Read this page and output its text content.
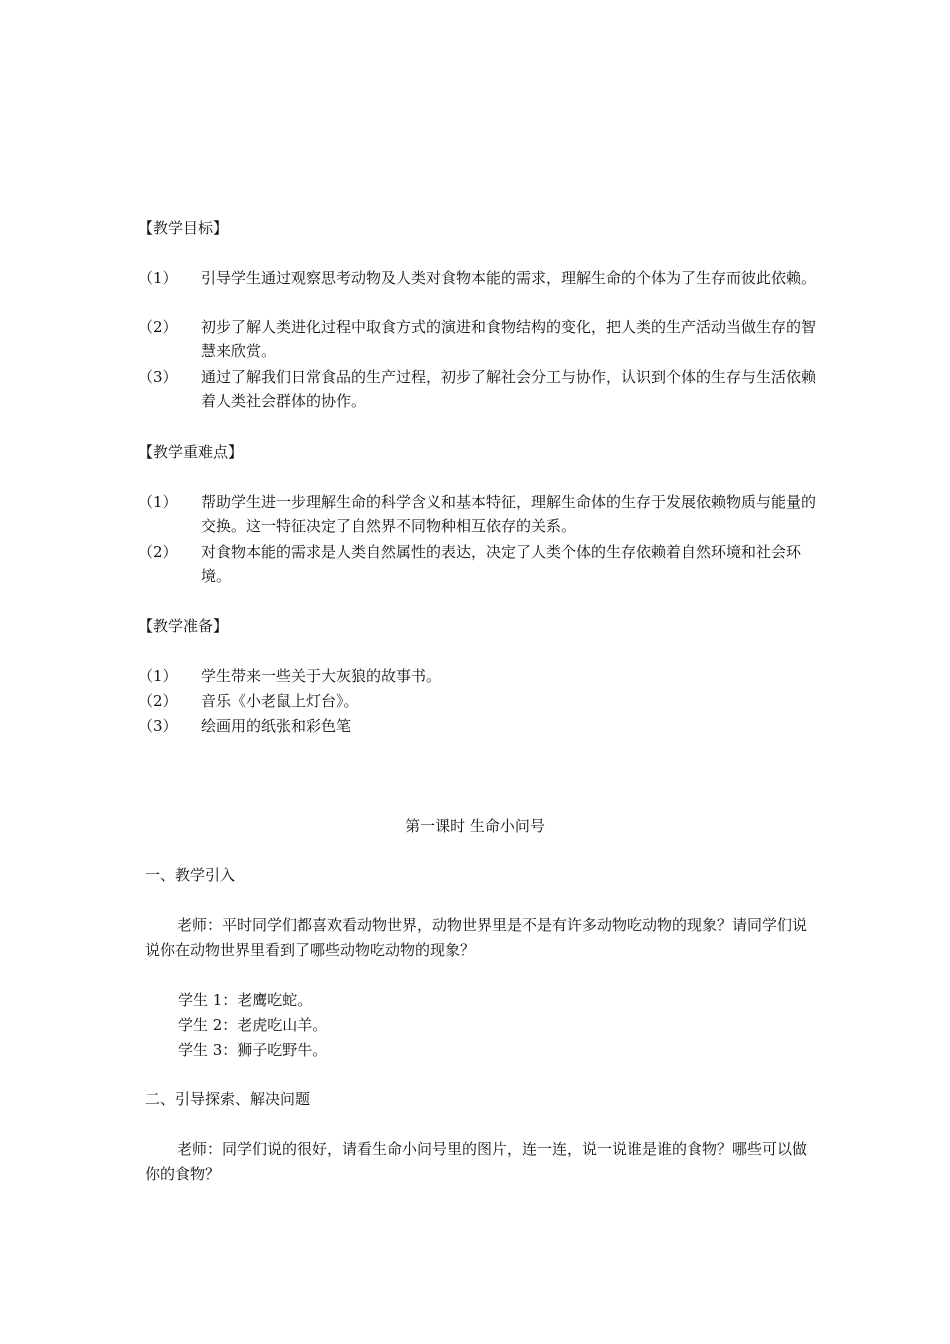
【教学目标】
（1） 引导学生通过观察思考动物及人类对食物本能的需求，理解生命的个体为了生存而彼此依赖。
（2） 初步了解人类进化过程中取食方式的演进和食物结构的变化，把人类的生产活动当做生存的智慧来欣赏。
（3） 通过了解我们日常食品的生产过程，初步了解社会分工与协作，认识到个体的生存与生活依赖着人类社会群体的协作。
【教学重难点】
（1） 帮助学生进一步理解生命的科学含义和基本特征，理解生命体的生存于发展依赖物质与能量的交换。这一特征决定了自然界不同物种相互依存的关系。
（2） 对食物本能的需求是人类自然属性的表达，决定了人类个体的生存依赖着自然环境和社会环境。
【教学准备】
（1） 学生带来一些关于大灰狼的故事书。
（2） 音乐《小老鼠上灯台》。
（3） 绘画用的纸张和彩色笔
第一课时 生命小问号
一、教学引入
老师：平时同学们都喜欢看动物世界，动物世界里是不是有许多动物吃动物的现象？请同学们说说你在动物世界里看到了哪些动物吃动物的现象？
学生 1：老鹰吃蛇。
学生 2：老虎吃山羊。
学生 3：狮子吃野牛。
二、引导探索、解决问题
老师：同学们说的很好，请看生命小问号里的图片，连一连，说一说谁是谁的食物？哪些可以做你的食物？
